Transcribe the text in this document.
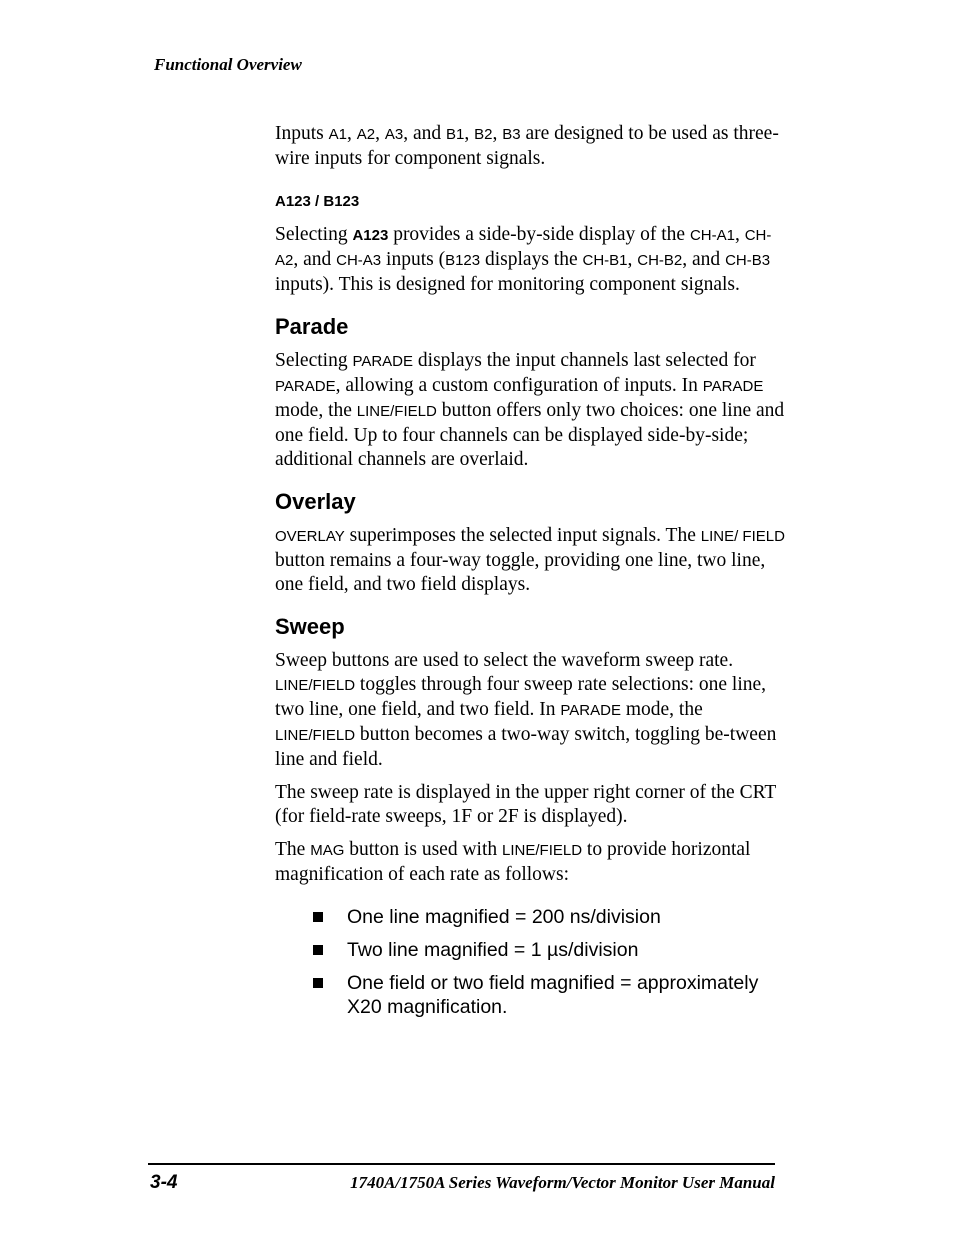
Functional Overview

Inputs A1, A2, A3, and B1, B2, B3 are designed to be used as three-wire inputs for component signals.

A123 / B123

Selecting A123 provides a side-by-side display of the CH-A1, CH-A2, and CH-A3 inputs (B123 displays the CH-B1, CH-B2, and CH-B3 inputs). This is designed for monitoring component signals.

Parade

Selecting PARADE displays the input channels last selected for PARADE, allowing a custom configuration of inputs. In PARADE mode, the LINE/FIELD button offers only two choices: one line and one field. Up to four channels can be displayed side-by-side; additional channels are overlaid.

Overlay

OVERLAY superimposes the selected input signals. The LINE/ FIELD button remains a four-way toggle, providing one line, two line, one field, and two field displays.

Sweep

Sweep buttons are used to select the waveform sweep rate. LINE/FIELD toggles through four sweep rate selections: one line, two line, one field, and two field. In PARADE mode, the LINE/FIELD button becomes a two-way switch, toggling be-tween line and field.

The sweep rate is displayed in the upper right corner of the CRT (for field-rate sweeps, 1F or 2F is displayed).

The MAG button is used with LINE/FIELD to provide horizontal magnification of each rate as follows:

One line magnified = 200 ns/division
Two line magnified = 1 µs/division
One field or two field magnified = approximately X20 magnification.
3-4	1740A/1750A Series Waveform/Vector Monitor User Manual
